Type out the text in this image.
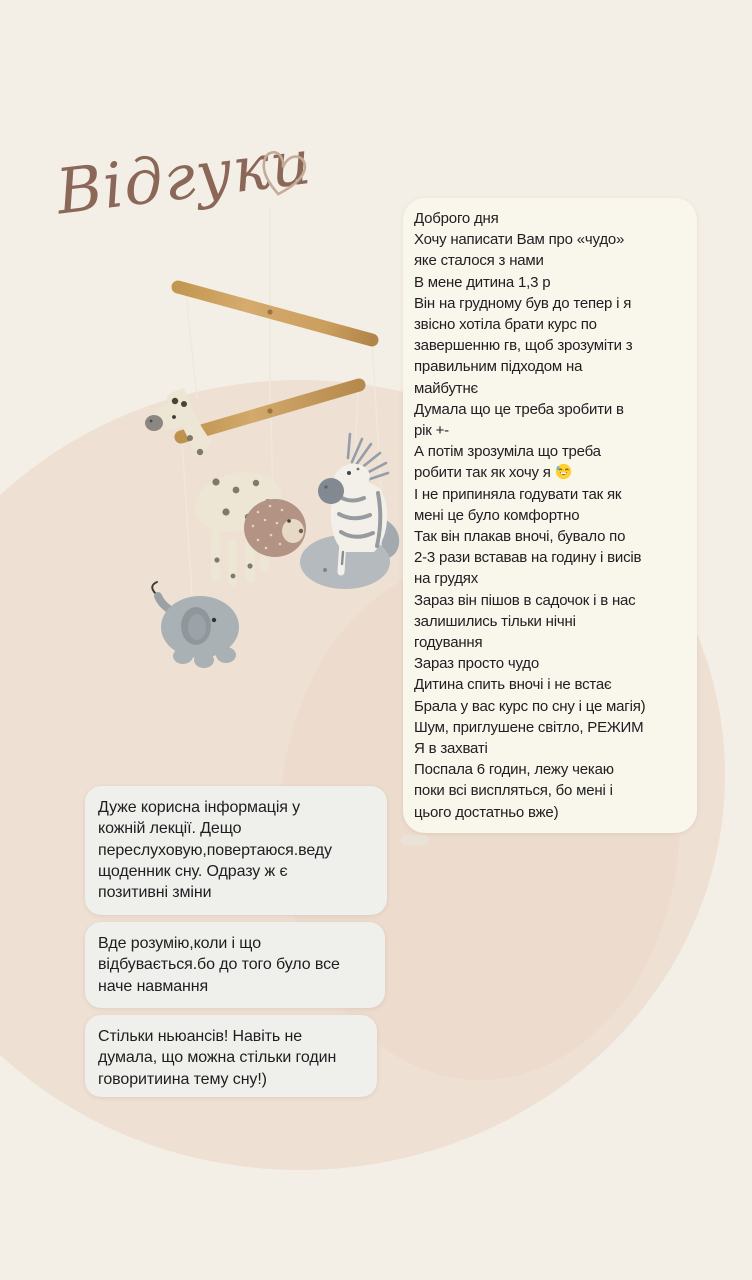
Відгуки	Доброго дня
Хочу написати Вам про «чудо»
яке сталося з нами
В мене дитина 1,3 р
Він на грудному був до тепер і я
звісно хотіла брати курс по
завершенню гв, щоб зрозуміти з
правильним підходом на
майбутнє
Думала що це треба зробити в
рік +-
А потім зрозуміла що треба
робити так як хочу я
І не припиняла годувати так як
мені це було комфортно
Так він плакав вночі, бувало по
2-3 рази вставав на годину і висів
на грудях
Зараз він пішов в садочок і в нас
залишились тільки нічні
годування
Зараз просто чудо
Дитина спить вночі і не встає
Брала у вас курс по сну і це магія)
Шум, приглушене світло, РЕЖИМ
Я в захваті
Поспала 6 годин, лежу чекаю
поки всі виспляться, бо мені і
цього достатньо вже)
Дуже корисна інформація у
кожній лекції. Дещо
переслуховую,повертаюся.веду
щоденник сну. Одразу ж є
позитивні зміни
Вде розумію,коли і що
відбувається.бо до того було все
наче навмання
Стільки ньюансів! Навіть не
думала, що можна стільки годин
говоритиина тему сну!)
